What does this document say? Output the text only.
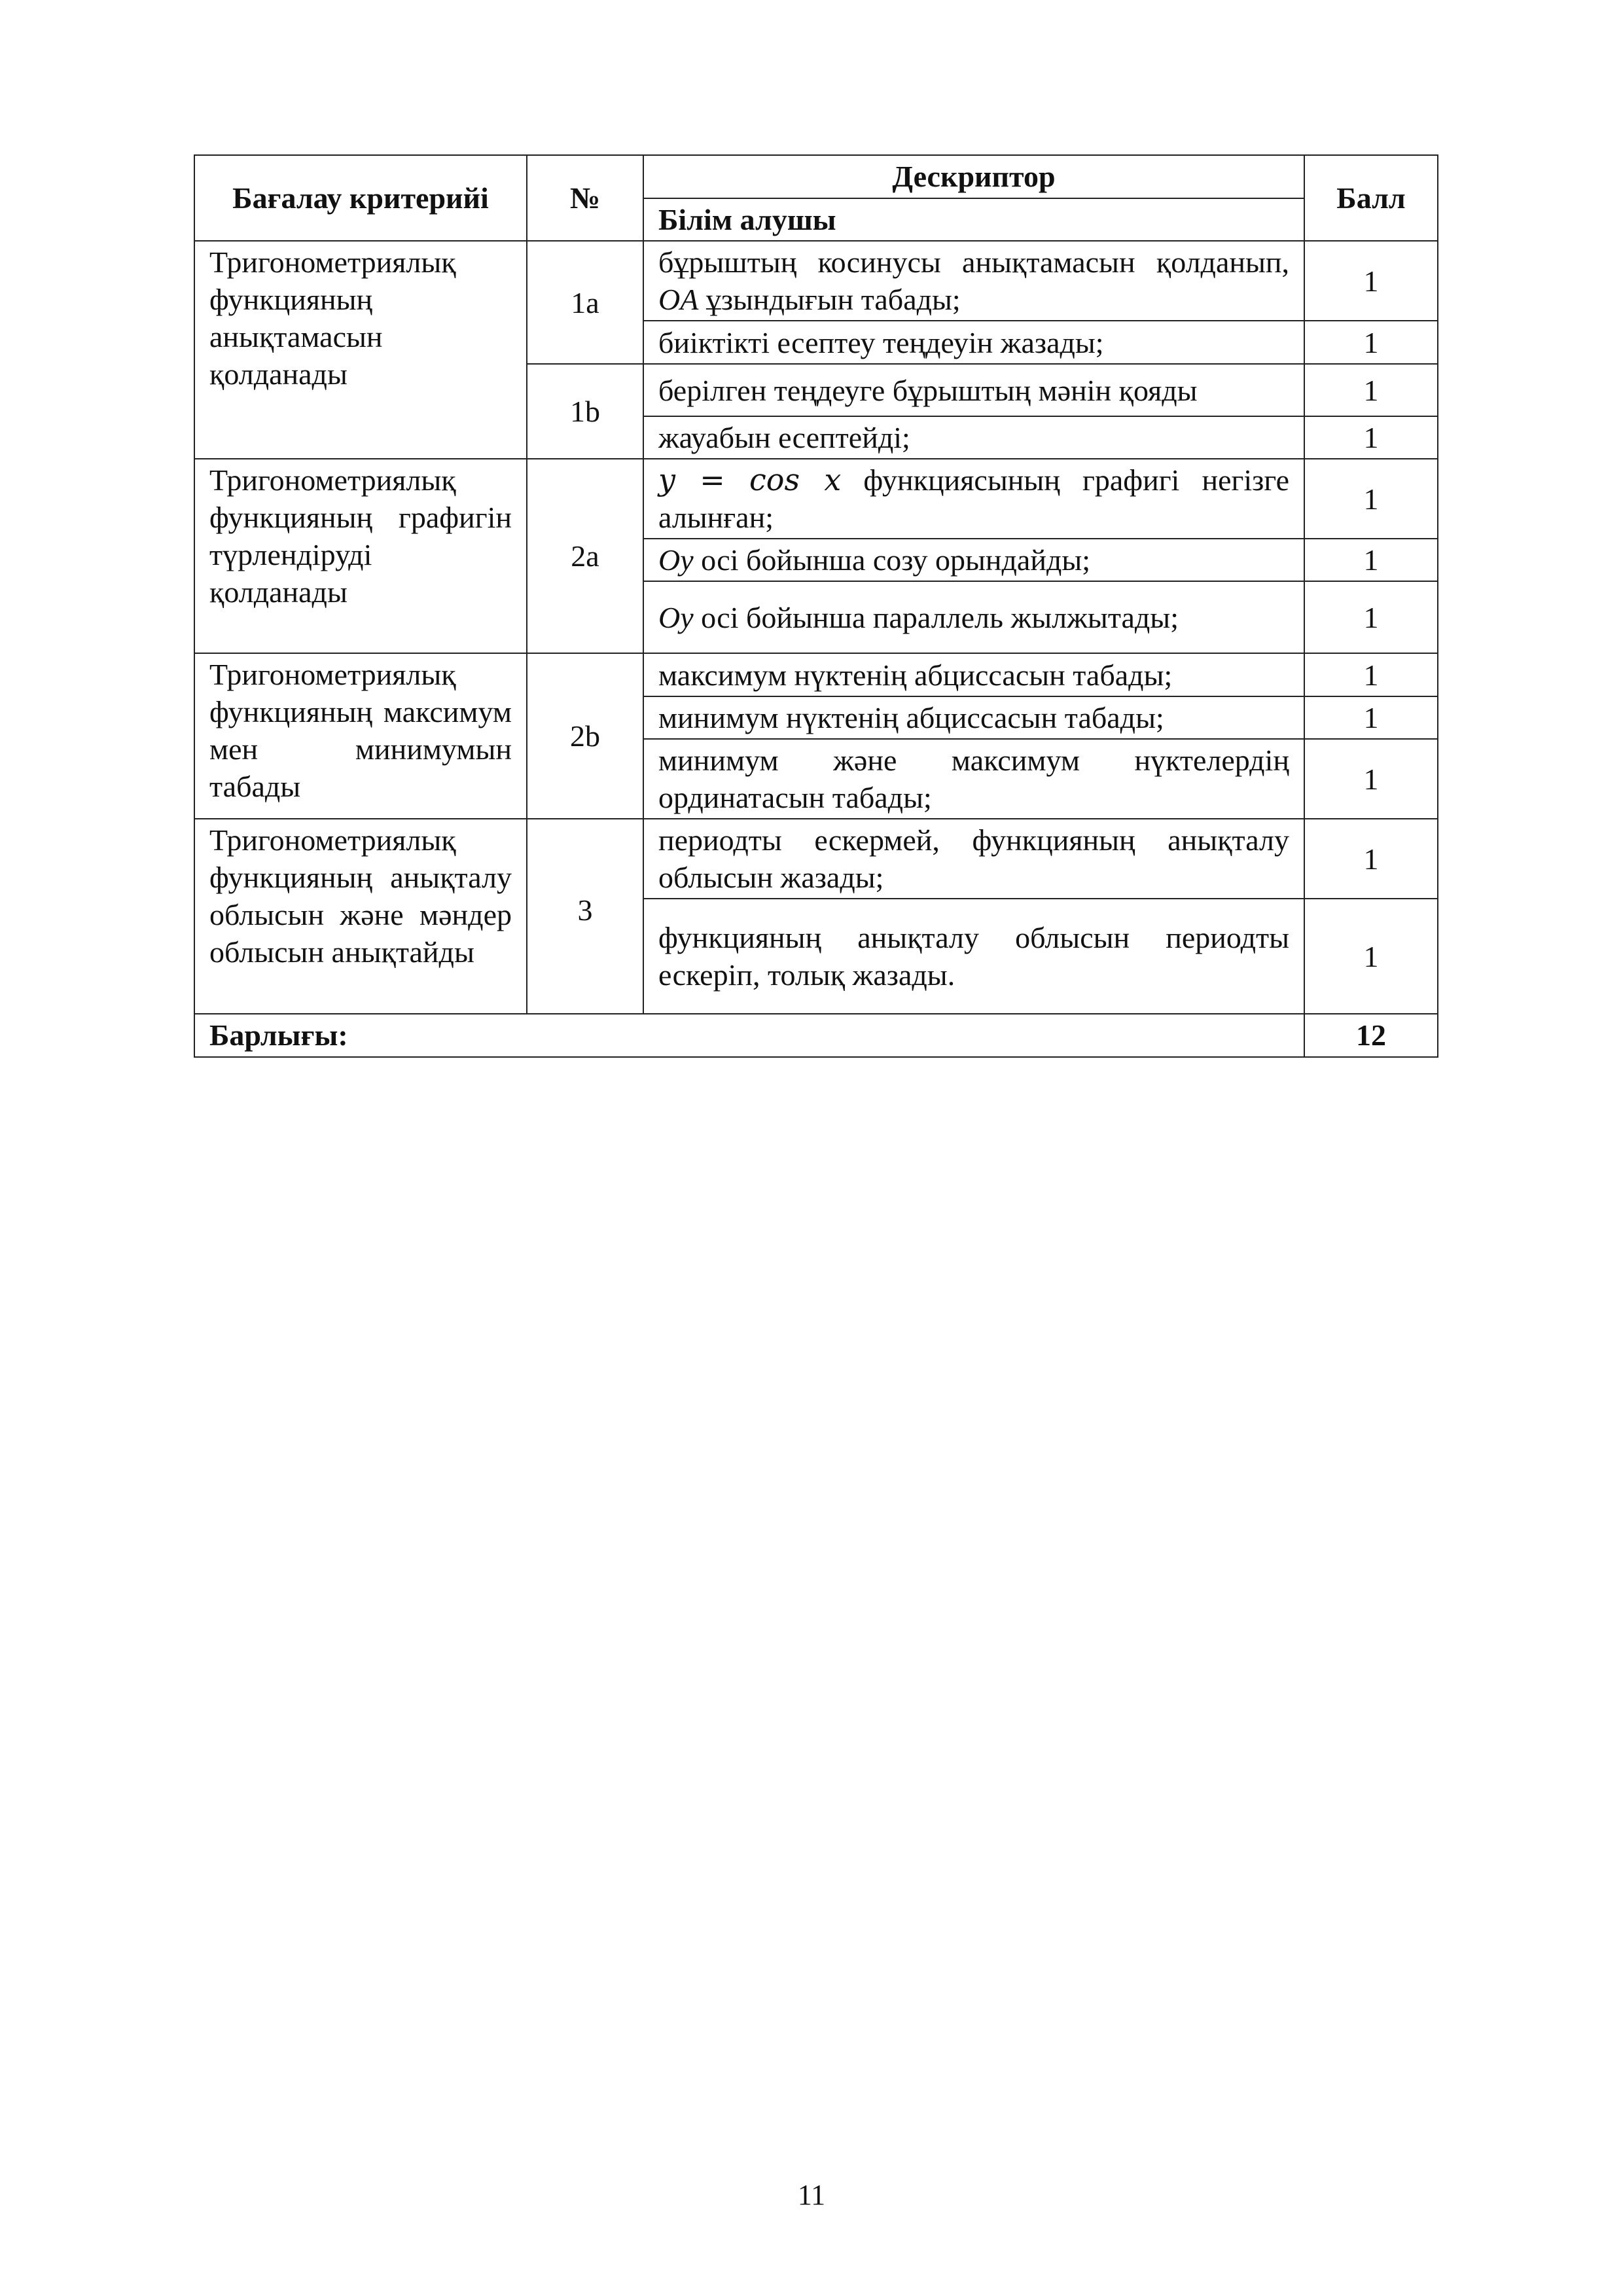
Бағалау критерийі	№	Дескриптор	Балл
		Білім алушы	
Тригонометриялық функцияның анықтамасын қолданады	1a	бұрыштың косинусы анықтамасын қолданып, OA ұзындығын табады;	1
		биіктікті есептеу теңдеуін жазады;	1
	1b	берілген теңдеуге бұрыштың мәнін қояды	1
		жауабын есептейді;	1
Тригонометриялық функцияның графигін түрлендіруді қолданады	2a	y = cos x функциясының графигі негізге алынған;	1
		Oy осі бойынша созу орындайды;	1
		Oy осі бойынша параллель жылжытады;	1
Тригонометриялық функцияның максимум мен минимумын табады	2b	максимум нүктенің абциссасын табады;	1
		минимум нүктенің абциссасын табады;	1
		минимум және максимум нүктелердің ординатасын табады;	1
Тригонометриялық функцияның анықталу облысын және мәндер облысын анықтайды	3	периодты ескермей, функцияның анықталу облысын жазады;	1
		функцияның анықталу облысын периодты ескеріп, толық жазады.	1
Барлығы:			12
11
